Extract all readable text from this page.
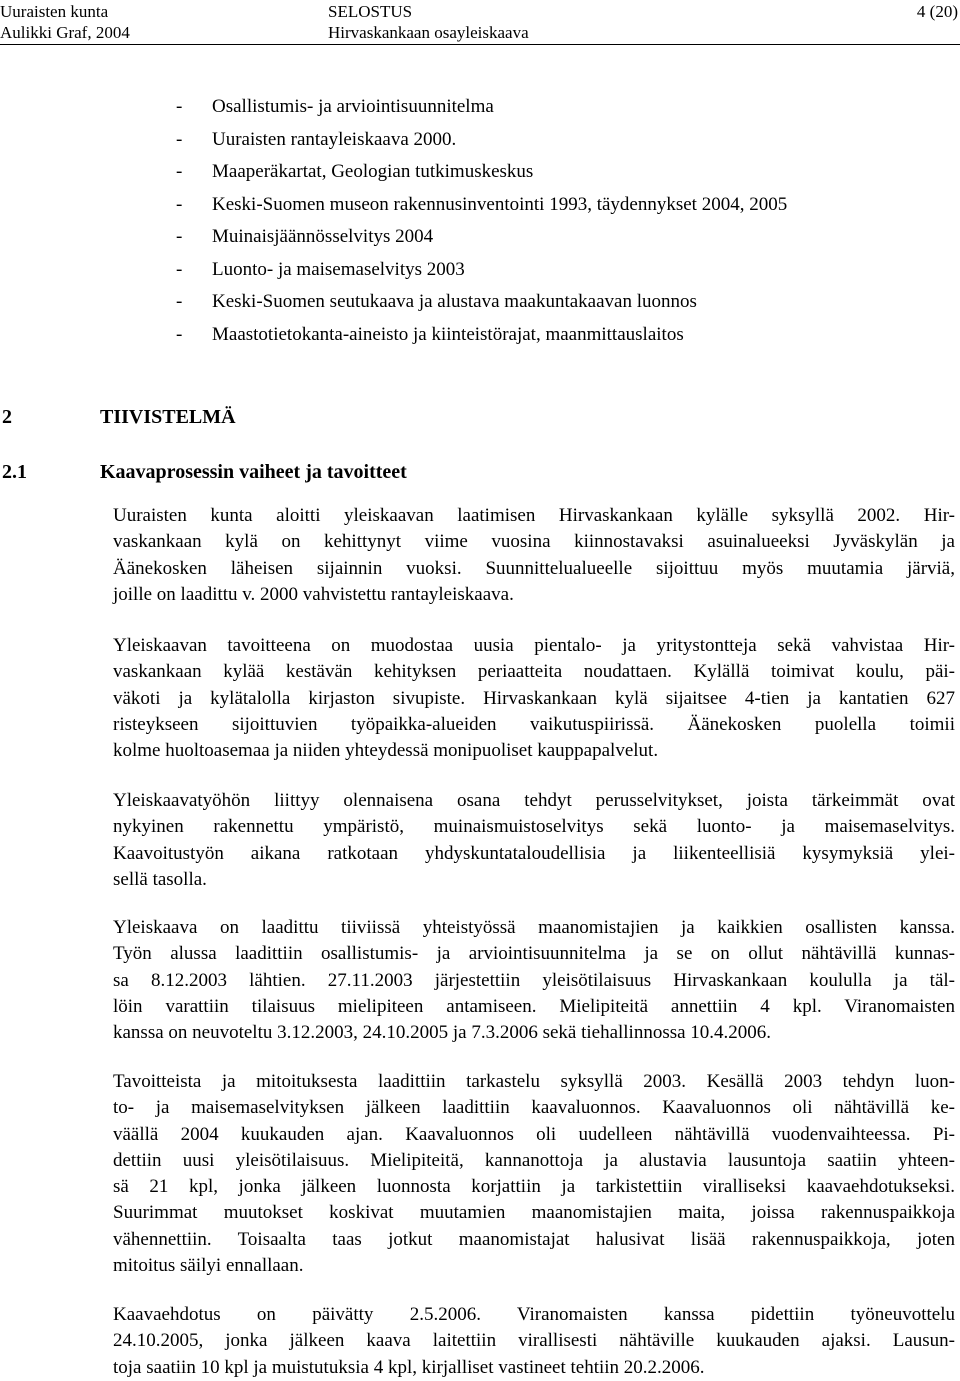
Uuraisten kunta
Aulikki Graf, 2004
SELOSTUS
Hirvaskankaan osayleiskaava
4 (20)
- Osallistumis- ja arviointisuunnitelma
- Uuraisten rantayleiskaava 2000.
- Maaperäkartat, Geologian tutkimuskeskus
- Keski-Suomen museon rakennusinventointi 1993, täydennykset 2004, 2005
- Muinaisjäännösselvitys 2004
- Luonto- ja maisemaselvitys 2003
- Keski-Suomen seutukaava ja alustava maakuntakaavan luonnos
- Maastotietokanta-aineisto ja kiinteistörajat, maanmittauslaitos
2	TIIVISTELMÄ
2.1	Kaavaprosessin vaiheet ja tavoitteet
Uuraisten kunta aloitti yleiskaavan laatimisen Hirvaskankaan kylälle syksyllä 2002. Hir-
vaskankaan kylä on kehittynyt viime vuosina kiinnostavaksi asuinalueeksi Jyväskylän ja
Äänekosken läheisen sijainnin vuoksi. Suunnittelualueelle sijoittuu myös muutamia järviä,
joille on laadittu v. 2000 vahvistettu rantayleiskaava.
Yleiskaavan tavoitteena on muodostaa uusia pientalo- ja yritystontteja sekä vahvistaa Hir-
vaskankaan kylää kestävän kehityksen periaatteita noudattaen. Kylällä toimivat koulu, päi-
väkoti ja kylätalolla kirjaston sivupiste. Hirvaskankaan kylä sijaitsee 4-tien ja kantatien 627
risteykseen sijoittuvien työpaikka-alueiden vaikutuspiirissä. Äänekosken puolella toimii
kolme huoltoasemaa ja niiden yhteydessä monipuoliset kauppapalvelut.
Yleiskaavatyöhön liittyy olennaisena osana tehdyt perusselvitykset, joista tärkeimmät ovat
nykyinen rakennettu ympäristö, muinaismuistoselvitys sekä luonto- ja maisemaselvitys.
Kaavoitustyön aikana ratkotaan yhdyskuntataloudellisia ja liikenteellisiä kysymyksiä ylei-
sellä tasolla.
Yleiskaava on laadittu tiiviissä yhteistyössä maanomistajien ja kaikkien osallisten kanssa.
Työn alussa laadittiin osallistumis- ja arviointisuunnitelma ja se on ollut nähtävillä kunnas-
sa 8.12.2003 lähtien. 27.11.2003 järjestettiin yleisötilaisuus Hirvaskankaan koululla ja täl-
löin varattiin tilaisuus mielipiteen antamiseen. Mielipiteitä annettiin 4 kpl. Viranomaisten
kanssa on neuvoteltu 3.12.2003, 24.10.2005 ja 7.3.2006 sekä tiehallinnossa 10.4.2006.
Tavoitteista ja mitoituksesta laadittiin tarkastelu syksyllä 2003. Kesällä 2003 tehdyn luon-
to- ja maisemaselvityksen jälkeen laadittiin kaavaluonnos. Kaavaluonnos oli nähtävillä ke-
väällä 2004 kuukauden ajan. Kaavaluonnos oli uudelleen nähtävillä vuodenvaihteessa. Pi-
dettiin uusi yleisötilaisuus. Mielipiteitä, kannanottoja ja alustavia lausuntoja saatiin yhteen-
sä 21 kpl, jonka jälkeen luonnosta korjattiin ja tarkistettiin viralliseksi kaavaehdotukseksi.
Suurimmat muutokset koskivat muutamien maanomistajien maita, joissa rakennuspaikkoja
vähennettiin. Toisaalta taas jotkut maanomistajat halusivat lisää rakennuspaikkoja, joten
mitoitus säilyi ennallaan.
Kaavaehdotus on päivätty 2.5.2006. Viranomaisten kanssa pidettiin työneuvottelu
24.10.2005, jonka jälkeen kaava laitettiin virallisesti nähtäville kuukauden ajaksi. Lausun-
toja saatiin 10 kpl ja muistutuksia 4 kpl, kirjalliset vastineet tehtiin 20.2.2006.
